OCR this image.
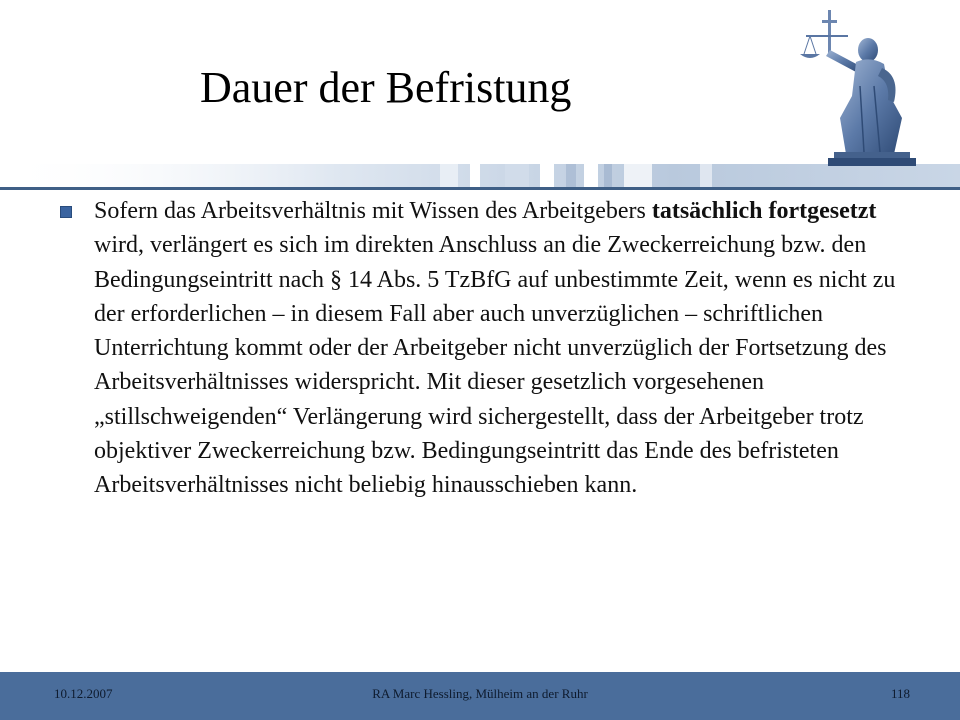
Dauer der Befristung

Sofern das Arbeitsverhältnis mit Wissen des Arbeitgebers tatsächlich fortgesetzt wird, verlängert es sich im direkten Anschluss an die Zweckerreichung bzw. den Bedingungseintritt nach § 14 Abs. 5 TzBfG auf unbestimmte Zeit, wenn es nicht zu der erforderlichen – in diesem Fall aber auch unverzüglichen – schriftlichen Unterrichtung kommt oder der Arbeitgeber nicht unverzüglich der Fortsetzung des Arbeitsverhältnisses widerspricht. Mit dieser gesetzlich vorgesehenen „stillschweigenden“ Verlängerung wird sichergestellt, dass der Arbeitgeber trotz objektiver Zweckerreichung bzw. Bedingungseintritt das Ende des befristeten Arbeitsverhältnisses nicht beliebig hinausschieben kann.

10.12.2007	RA Marc Hessling, Mülheim an der Ruhr	118
